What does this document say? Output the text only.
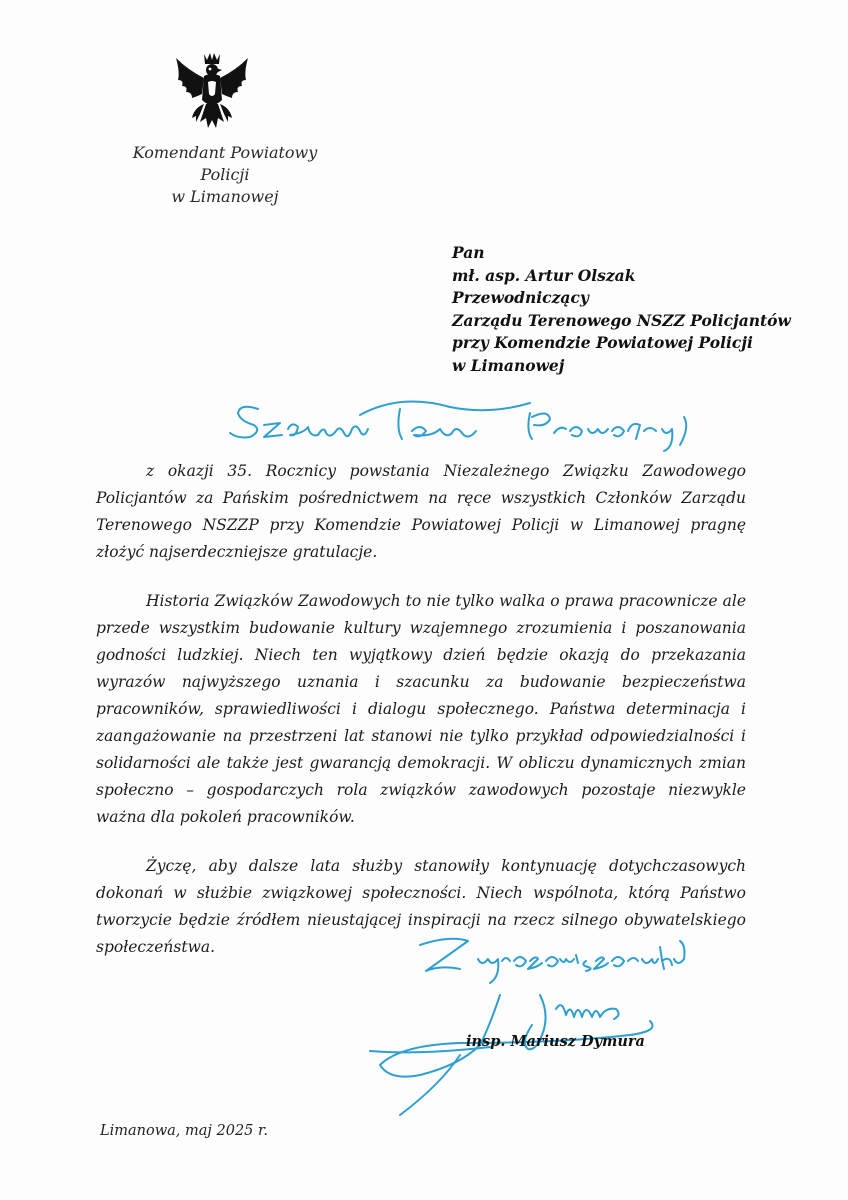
Komendant Powiatowy Policji
w Limanowej
Pan
mł. asp. Artur Olszak
Przewodniczący
Zarządu Terenowego NSZZ Policjantów
przy Komendzie Powiatowej Policji
w Limanowej

z okazji 35. Rocznicy powstania Niezależnego Związku Zawodowego Policjantów za Pańskim pośrednictwem na ręce wszystkich Członków Zarządu Terenowego NSZZP przy Komendzie Powiatowej Policji w Limanowej pragnę złożyć najserdeczniejsze gratulacje.

Historia Związków Zawodowych to nie tylko walka o prawa pracownicze ale przede wszystkim budowanie kultury wzajemnego zrozumienia i poszanowania godności ludzkiej. Niech ten wyjątkowy dzień będzie okazją do przekazania wyrazów najwyższego uznania i szacunku za budowanie bezpieczeństwa pracowników, sprawiedliwości i dialogu społecznego. Państwa determinacja i zaangażowanie na przestrzeni lat stanowi nie tylko przykład odpowiedzialności i solidarności ale także jest gwarancją demokracji. W obliczu dynamicznych zmian społeczno – gospodarczych rola związków zawodowych pozostaje niezwykle ważna dla pokoleń pracowników.

Życzę, aby dalsze lata służby stanowiły kontynuację dotychczasowych dokonań w służbie związkowej społeczności. Niech wspólnota, którą Państwo tworzycie będzie źródłem nieustającej inspiracji na rzecz silnego obywatelskiego społeczeństwa.

insp. Mariusz Dymura
Limanowa, maj 2025 r.
